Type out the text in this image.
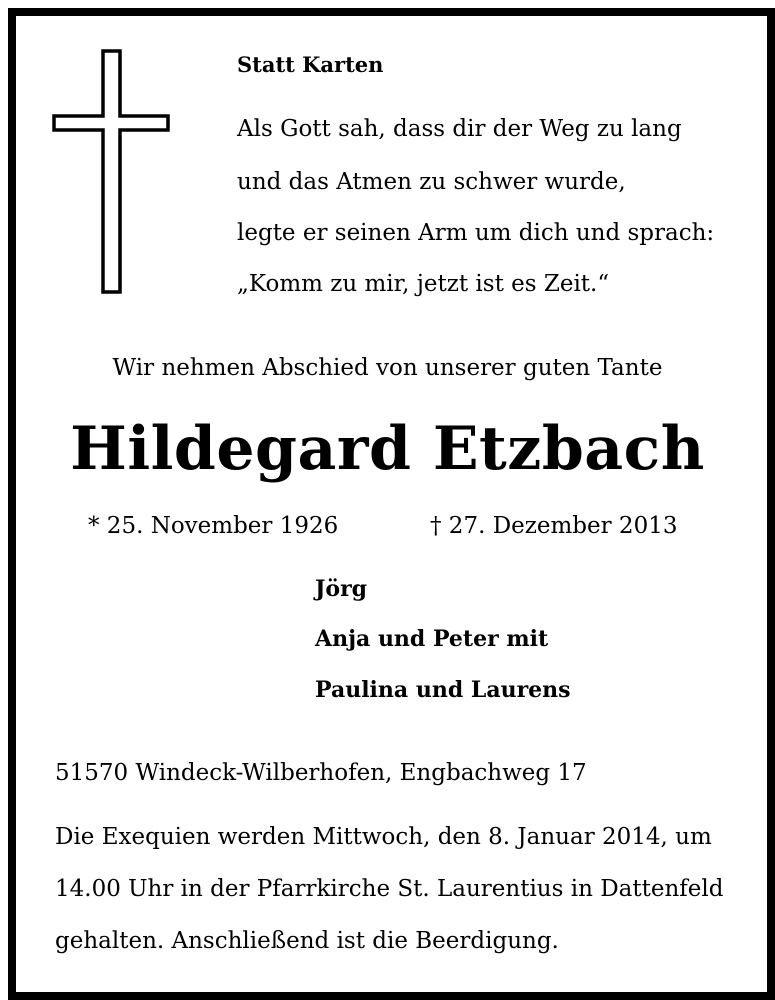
Statt Karten
Als Gott sah, dass dir der Weg zu lang
und das Atmen zu schwer wurde,
legte er seinen Arm um dich und sprach:
„Komm zu mir, jetzt ist es Zeit.“
Wir nehmen Abschied von unserer guten Tante
Hildegard Etzbach
* 25. November 1926	† 27. Dezember 2013
Jörg
Anja und Peter mit
Paulina und Laurens
51570 Windeck-Wilberhofen, Engbachweg 17
Die Exequien werden Mittwoch, den 8. Januar 2014, um
14.00 Uhr in der Pfarrkirche St. Laurentius in Dattenfeld
gehalten. Anschließend ist die Beerdigung.
